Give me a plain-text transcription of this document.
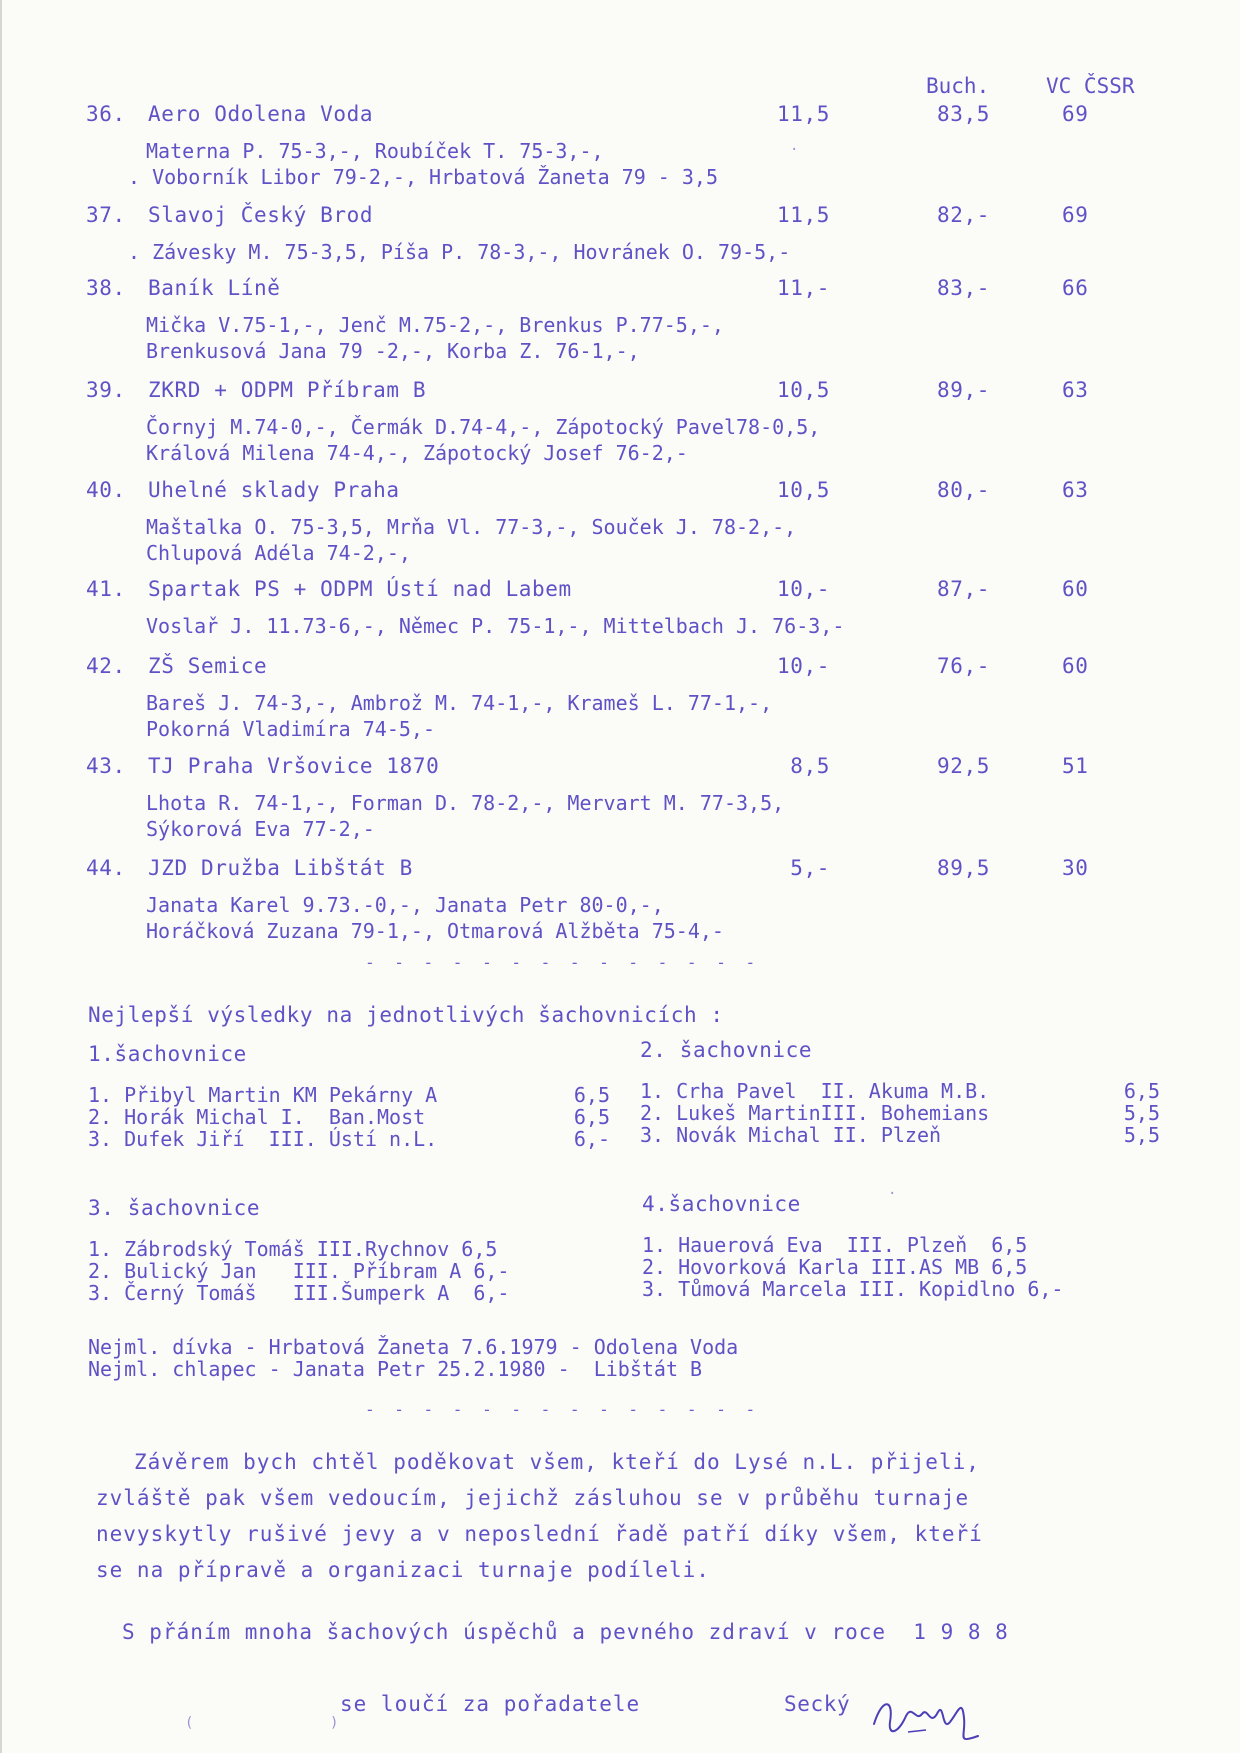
Buch.	VC ČSSR
36. Aero Odolena Voda	11,5	83,5	69
Materna P. 75-3,-, Roubíček T. 75-3,-,
. Voborník Libor 79-2,-, Hrbatová Žaneta 79 - 3,5
37. Slavoj Český Brod	11,5	82,-	69
. Závesky M. 75-3,5, Píša P. 78-3,-, Hovránek O. 79-5,-
38. Baník Líně	11,-	83,-	66
Mička V.75-1,-, Jenč M.75-2,-, Brenkus P.77-5,-,
Brenkusová Jana 79 -2,-, Korba Z. 76-1,-,
39. ZKRD + ODPM Příbram B	10,5	89,-	63
Čornyj M.74-0,-, Čermák D.74-4,-, Zápotocký Pavel78-0,5,
Králová Milena 74-4,-, Zápotocký Josef 76-2,-
40. Uhelné sklady Praha	10,5	80,-	63
Maštalka O. 75-3,5, Mrňa Vl. 77-3,-, Souček J. 78-2,-,
Chlupová Adéla 74-2,-,
41. Spartak PS + ODPM Ústí nad Labem	10,-	87,-	60
Voslař J. 11.73-6,-, Němec P. 75-1,-, Mittelbach J. 76-3,-
42. ZŠ Semice	10,-	76,-	60
Bareš J. 74-3,-, Ambrož M. 74-1,-, Krameš L. 77-1,-,
Pokorná Vladimíra 74-5,-
43. TJ Praha Vršovice 1870	8,5	92,5	51
Lhota R. 74-1,-, Forman D. 78-2,-, Mervart M. 77-3,5,
Sýkorová Eva 77-2,-
44. JZD Družba Libštát B	5,-	89,5	30
Janata Karel 9.73.-0,-, Janata Petr 80-0,-,
Horáčková Zuzana 79-1,-, Otmarová Alžběta 75-4,-
- - - - - - - - - - - - - -
Nejlepší výsledky na jednotlivých šachovnicích :
1.šachovnice	2. šachovnice
1. Přibyl Martin KM Pekárny A	6,5
2. Horák Michal I.  Ban.Most	6,5
3. Dufek Jiří  III. Ústí n.L.	6,-
1. Crha Pavel  II. Akuma M.B.	6,5
2. Lukeš MartinIII. Bohemians	5,5
3. Novák Michal II. Plzeň	5,5
3. šachovnice	4.šachovnice
1. Zábrodský Tomáš III.Rychnov 6,5
2. Bulický Jan   III. Příbram A 6,-
3. Černý Tomáš   III.Šumperk A  6,-
1. Hauerová Eva  III. Plzeň  6,5
2. Hovorková Karla III.AS MB 6,5
3. Tůmová Marcela III. Kopidlno 6,-
Nejml. dívka - Hrbatová Žaneta 7.6.1979 - Odolena Voda
Nejml. chlapec - Janata Petr 25.2.1980 -  Libštát B
- - - - - - - - - - - - - -
Závěrem bych chtěl poděkovat všem, kteří do Lysé n.L. přijeli,
zvláště pak všem vedoucím, jejichž zásluhou se v průběhu turnaje
nevyskytly rušivé jevy a v neposlední řadě patří díky všem, kteří
se na přípravě a organizaci turnaje podíleli.
S přáním mnoha šachových úspěchů a pevného zdraví v roce  1 9 8 8
se loučí za pořadatele	Secký
·
·
(	)
